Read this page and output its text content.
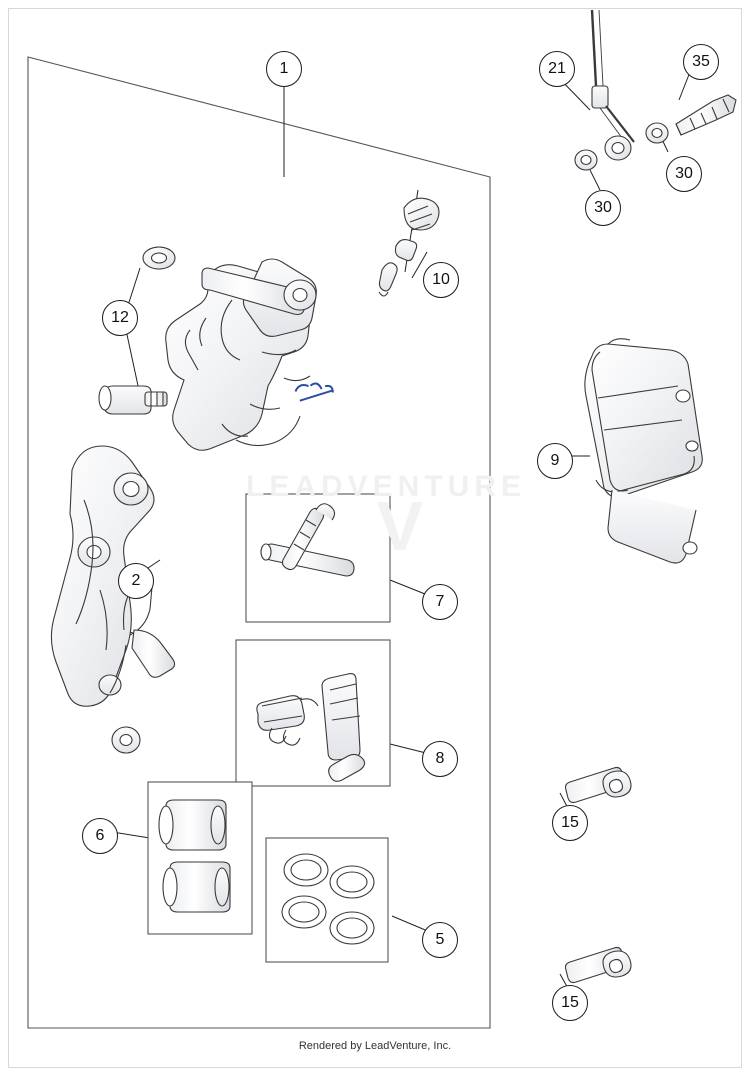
LEADVENTURE
V
1	21	35
30
30
10
12
9
2
7
8
15
6
5
15
Rendered by LeadVenture, Inc.
